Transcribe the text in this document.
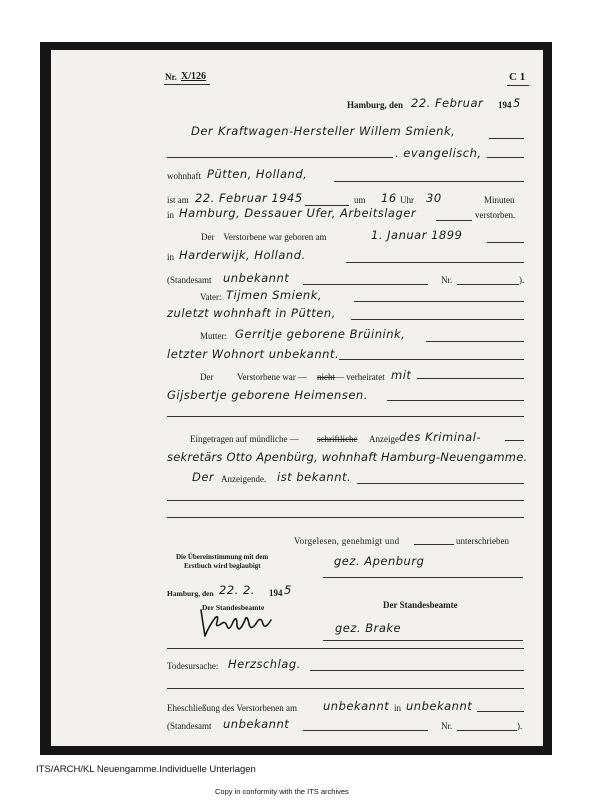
Nr. X/126	C 1
Hamburg, den 22. Februar 194 5
Der Kraftwagen-Hersteller Willem Smienk,
. evangelisch,
wohnhaft Pütten, Holland,
ist am 22. Februar 1945	um 16 Uhr 30	Minuten
in Hamburg, Dessauer Ufer, Arbeitslager	verstorben.
Der    Verstorbene war geboren am	1. Januar 1899
in Harderwijk, Holland.
(Standesamt unbekannt	Nr.	).
Vater: Tijmen Smienk,
zuletzt wohnhaft in Pütten,
Mutter: Gerritje geborene Brüinink,
letzter Wohnort unbekannt.
Der	Verstorbene war — nicht — verheiratet mit
Gijsbertje geborene Heimensen.
Eingetragen auf mündliche — schriftliche Anzeige des Kriminal-
sekretärs Otto Apenbürg, wohnhaft Hamburg-Neuengamme.
Der Anzeigende. ist bekannt.
Vorgelesen, genehmigt und	unterschrieben
gez. Apenburg
Die Übereinstimmung mit dem
Erstbuch wird beglaubigt
Hamburg, den 22. 2. 194 5
Der Standesbeamte	Der Standesbeamte
gez. Brake
Todesursache: Herzschlag.
Eheschließung des Verstorbenen am unbekannt in unbekannt
(Standesamt unbekannt	Nr.	).
ITS/ARCH/KL Neuengamme.Individuelle Unterlagen
Copy in conformity with the ITS archives
